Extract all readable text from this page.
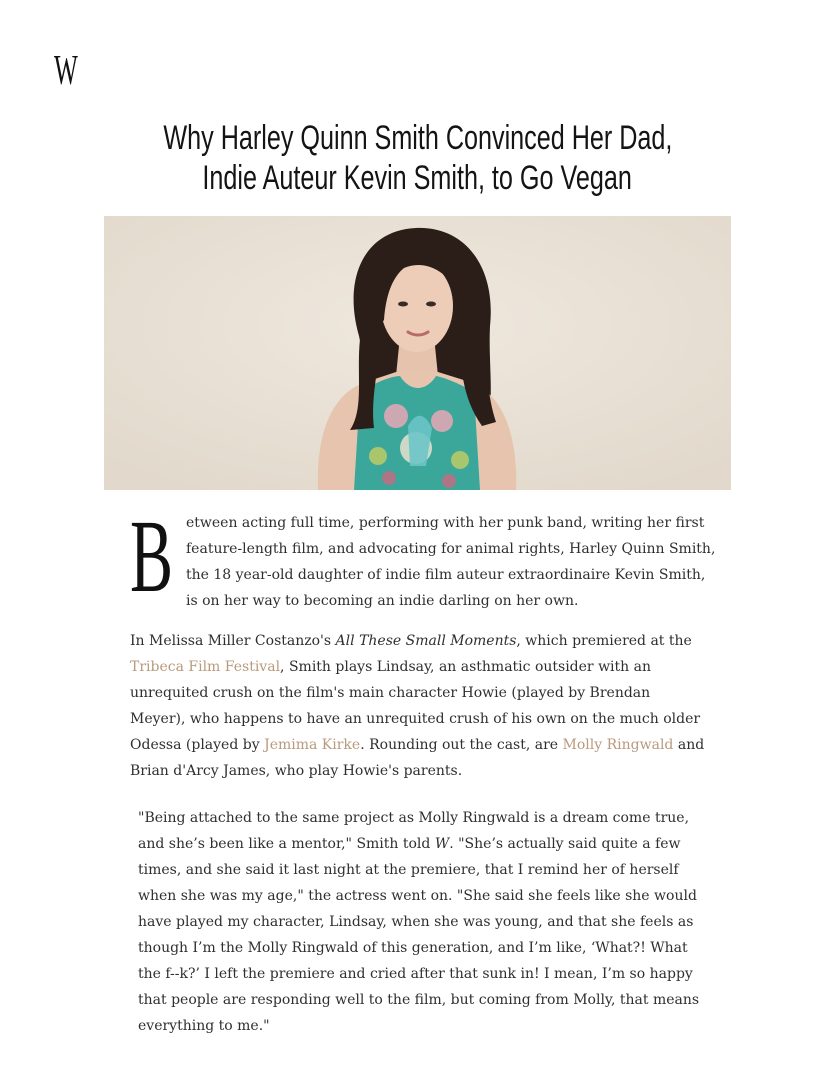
W
Why Harley Quinn Smith Convinced Her Dad,
Indie Auteur Kevin Smith, to Go Vegan
B etween acting full time, performing with her punk band, writing her first feature-length film, and advocating for animal rights, Harley Quinn Smith, the 18 year-old daughter of indie film auteur extraordinaire Kevin Smith, is on her way to becoming an indie darling on her own.

In Melissa Miller Costanzo's All These Small Moments, which premiered at the Tribeca Film Festival, Smith plays Lindsay, an asthmatic outsider with an unrequited crush on the film's main character Howie (played by Brendan Meyer), who happens to have an unrequited crush of his own on the much older Odessa (played by Jemima Kirke. Rounding out the cast, are Molly Ringwald and Brian d'Arcy James, who play Howie's parents.

"Being attached to the same project as Molly Ringwald is a dream come true, and she’s been like a mentor," Smith told W. "She’s actually said quite a few times, and she said it last night at the premiere, that I remind her of herself when she was my age," the actress went on. "She said she feels like she would have played my character, Lindsay, when she was young, and that she feels as though I’m the Molly Ringwald of this generation, and I’m like, ‘What?! What the f--k?’ I left the premiere and cried after that sunk in! I mean, I’m so happy that people are responding well to the film, but coming from Molly, that means everything to me."
